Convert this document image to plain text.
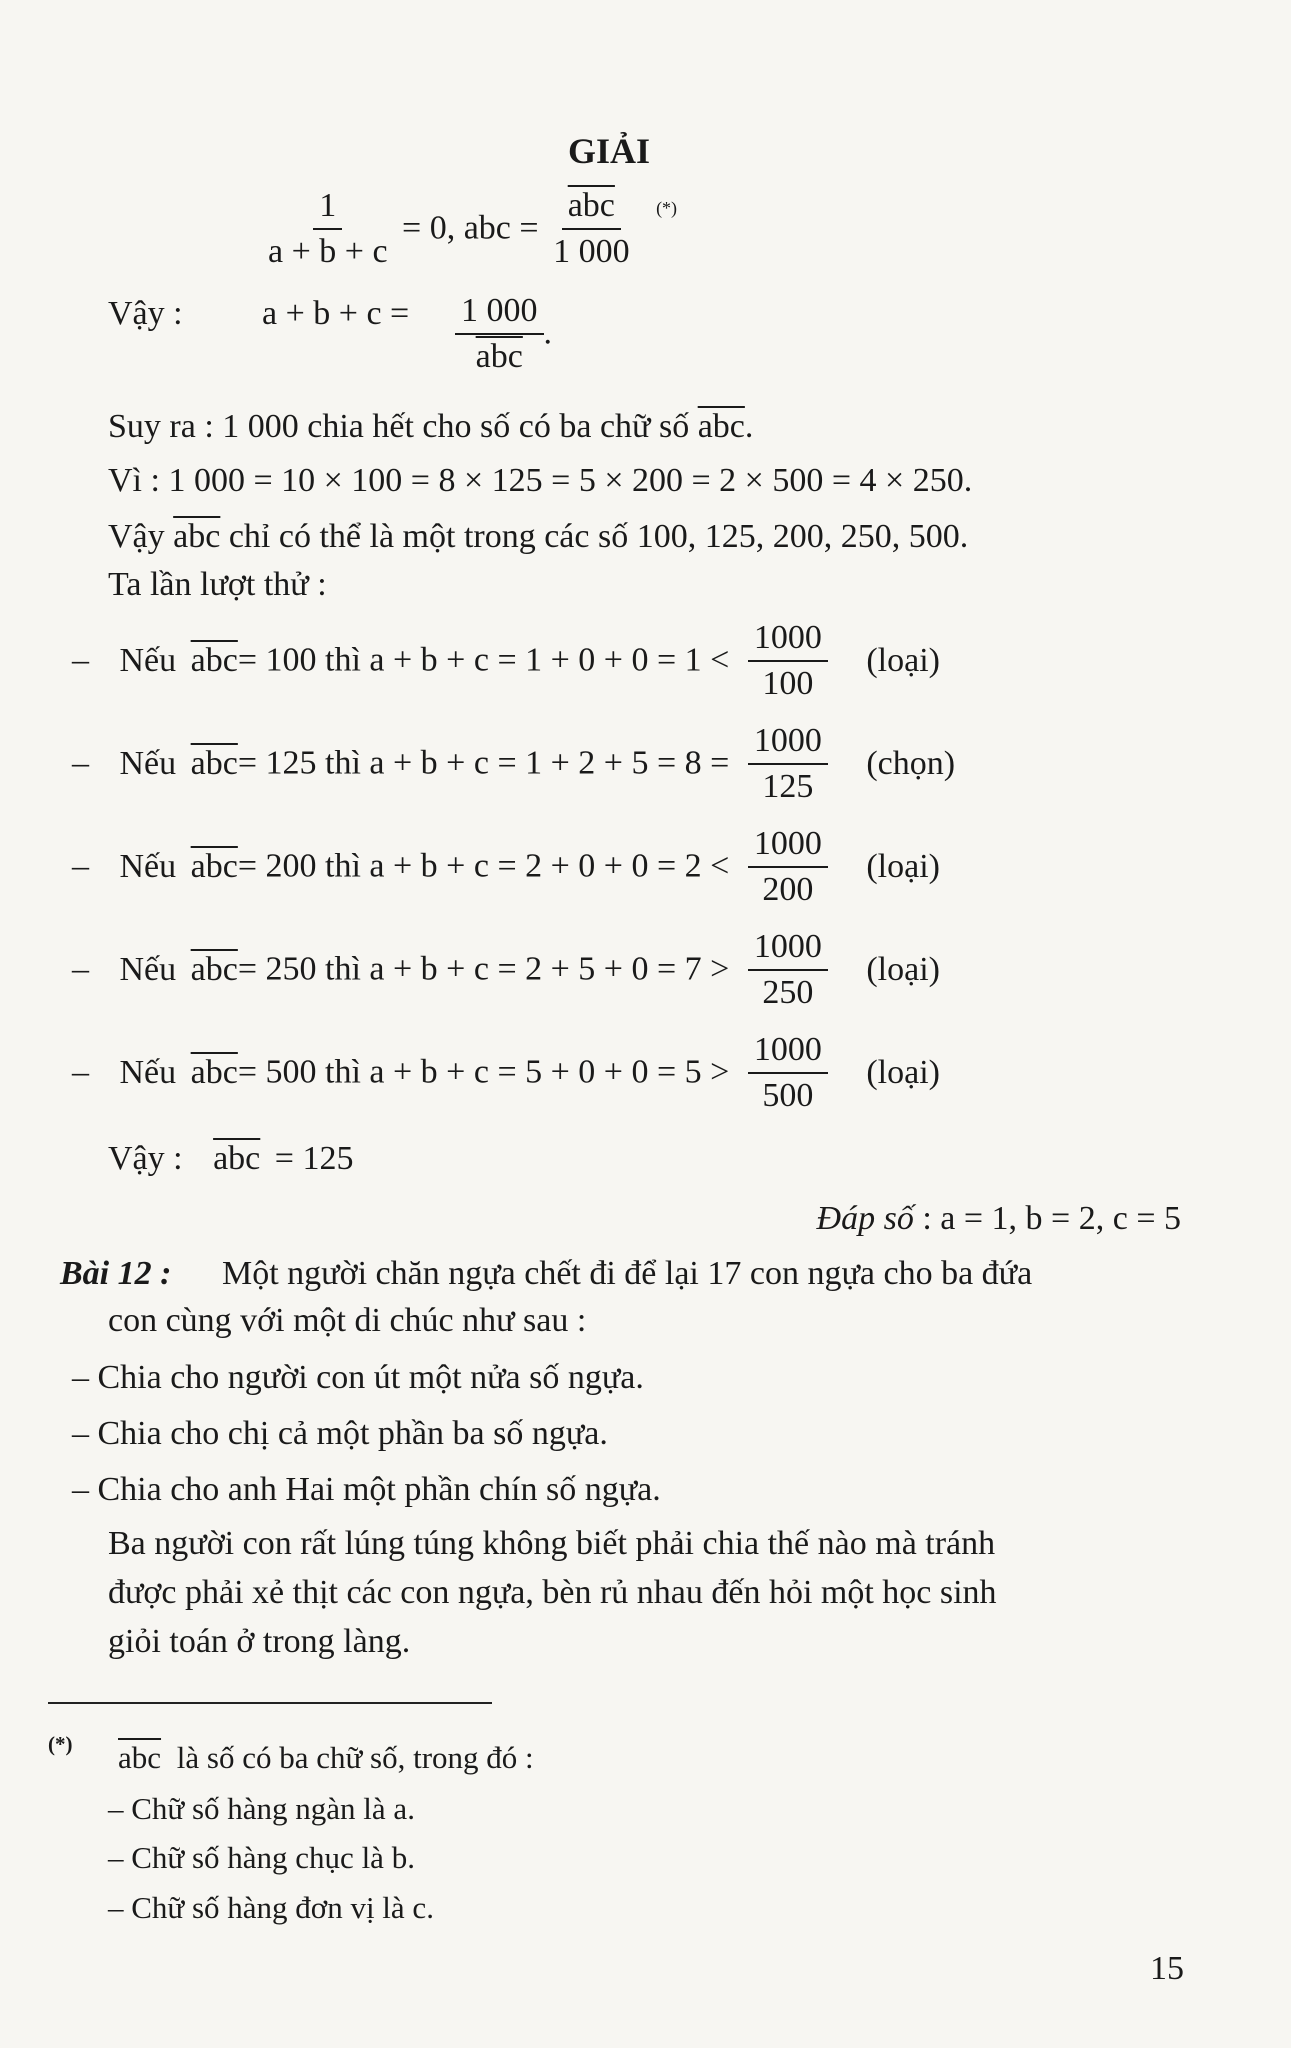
GIẢI
$\frac{1}{a + b + c} = 0$, abc = $\frac{\overline{abc}}{1 000} ^{(*)}$
Vậy : $a + b + c = \frac{1 000}{\text{abc}}$ .
Suy ra : 1 000 chia hết cho số có ba chữ số $\overline{abc}$.
Vì : 1 000 = 10 × 100 = 8 × 125 = 5 × 200 = 2 × 500 = 4 × 250.
Vậy $\overline{abc}$ chỉ có thể là một trong các số 100, 125, 200, 250, 500.
Ta lần lượt thử :
– Nếu $\overline{abc}= 100$ thì $a + b + c = 1 + 0 + 0 = 1 < \frac{1000}{100}$ (loại)
– Nếu $\overline{abc}= 125$ thì $a + b + c = 1 + 2 + 5 = 8 = \frac{1000}{125}$ (chọn)
– Nếu $\overline{abc}= 200$ thì $a + b + c = 2 + 0 + 0 = 2 < \frac{1000}{200}$ (loại)
– Nếu $\overline{abc}= 250$ thì $a + b + c = 2 + 5 + 0 = 7 > \frac{1000}{250}$ (loại)
– Nếu $\overline{abc}= 500$ thì $a + b + c = 5 + 0 + 0 = 5 > \frac{1000}{500}$ (loại)
Vậy : $\overline{abc} = 125$
Đáp số : a = 1, b = 2, c = 5
Bài 12 : Một người chăn ngựa chết đi để lại 17 con ngựa cho ba đứa
con cùng với một di chúc như sau :
– Chia cho người con út một nửa số ngựa.
– Chia cho chị cả một phần ba số ngựa.
– Chia cho anh Hai một phần chín số ngựa.
Ba người con rất lúng túng không biết phải chia thế nào mà tránh
được phải xẻ thịt các con ngựa, bèn rủ nhau đến hỏi một học sinh
giỏi toán ở trong làng.
(*) $\overline{abc}$ là số có ba chữ số, trong đó :
– Chữ số hàng ngàn là a.
– Chữ số hàng chục là b.
– Chữ số hàng đơn vị là c.
15
